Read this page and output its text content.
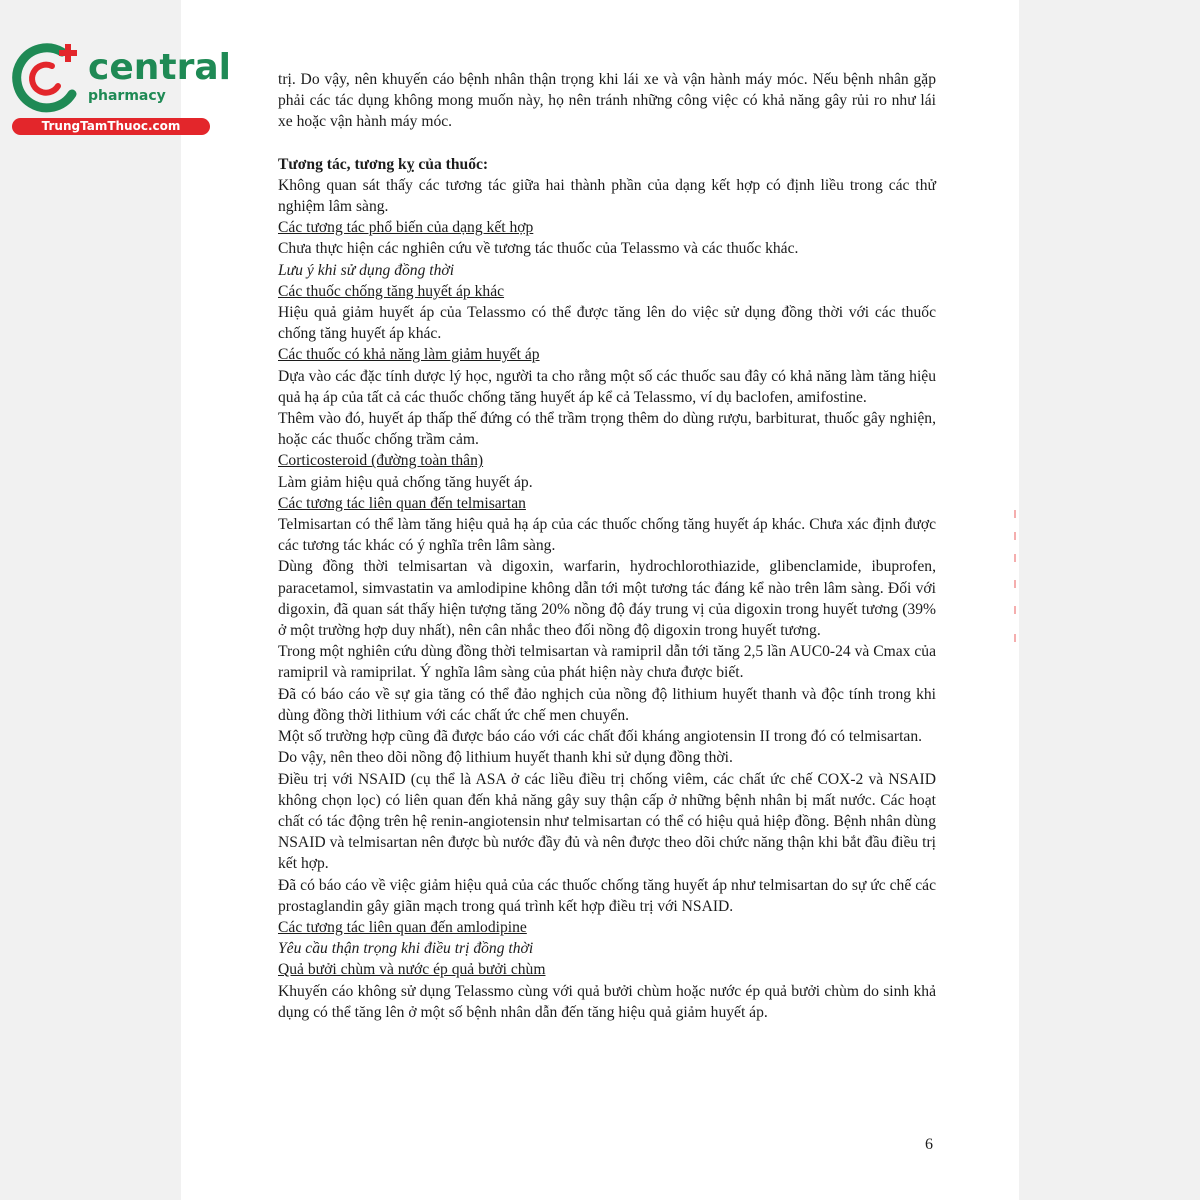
central
pharmacy
TrungTamThuoc.com

trị. Do vậy, nên khuyến cáo bệnh nhân thận trọng khi lái xe và vận hành máy móc. Nếu bệnh nhân gặp phải các tác dụng không mong muốn này, họ nên tránh những công việc có khả năng gây rủi ro như lái xe hoặc vận hành máy móc.

Tương tác, tương kỵ của thuốc:

Không quan sát thấy các tương tác giữa hai thành phần của dạng kết hợp có định liều trong các thử nghiệm lâm sàng.

Các tương tác phổ biến của dạng kết hợp

Chưa thực hiện các nghiên cứu về tương tác thuốc của Telassmo và các thuốc khác.

Lưu ý khi sử dụng đồng thời

Các thuốc chống tăng huyết áp khác

Hiệu quả giảm huyết áp của Telassmo có thể được tăng lên do việc sử dụng đồng thời với các thuốc chống tăng huyết áp khác.

Các thuốc có khả năng làm giảm huyết áp

Dựa vào các đặc tính dược lý học, người ta cho rằng một số các thuốc sau đây có khả năng làm tăng hiệu quả hạ áp của tất cả các thuốc chống tăng huyết áp kể cả Telassmo, ví dụ baclofen, amifostine.

Thêm vào đó, huyết áp thấp thế đứng có thể trầm trọng thêm do dùng rượu, barbiturat, thuốc gây nghiện, hoặc các thuốc chống trầm cảm.

Corticosteroid (đường toàn thân)

Làm giảm hiệu quả chống tăng huyết áp.

Các tương tác liên quan đến telmisartan

Telmisartan có thể làm tăng hiệu quả hạ áp của các thuốc chống tăng huyết áp khác. Chưa xác định được các tương tác khác có ý nghĩa trên lâm sàng.

Dùng đồng thời telmisartan và digoxin, warfarin, hydrochlorothiazide, glibenclamide, ibuprofen, paracetamol, simvastatin va amlodipine không dẫn tới một tương tác đáng kể nào trên lâm sàng. Đối với digoxin, đã quan sát thấy hiện tượng tăng 20% nồng độ đáy trung vị của digoxin trong huyết tương (39% ở một trường hợp duy nhất), nên cân nhắc theo đối nồng độ digoxin trong huyết tương.

Trong một nghiên cứu dùng đồng thời telmisartan và ramipril dẫn tới tăng 2,5 lần AUC0-24 và Cmax của ramipril và ramiprilat. Ý nghĩa lâm sàng của phát hiện này chưa được biết.

Đã có báo cáo về sự gia tăng có thể đảo nghịch của nồng độ lithium huyết thanh và độc tính trong khi dùng đồng thời lithium với các chất ức chế men chuyển.

Một số trường hợp cũng đã được báo cáo với các chất đối kháng angiotensin II trong đó có telmisartan.

Do vậy, nên theo dõi nồng độ lithium huyết thanh khi sử dụng đồng thời.

Điều trị với NSAID (cụ thể là ASA ở các liều điều trị chống viêm, các chất ức chế COX-2 và NSAID không chọn lọc) có liên quan đến khả năng gây suy thận cấp ở những bệnh nhân bị mất nước. Các hoạt chất có tác động trên hệ renin-angiotensin như telmisartan có thể có hiệu quả hiệp đồng. Bệnh nhân dùng NSAID và telmisartan nên được bù nước đầy đủ và nên được theo dõi chức năng thận khi bắt đầu điều trị kết hợp.

Đã có báo cáo về việc giảm hiệu quả của các thuốc chống tăng huyết áp như telmisartan do sự ức chế các prostaglandin gây giãn mạch trong quá trình kết hợp điều trị với NSAID.

Các tương tác liên quan đến amlodipine

Yêu cầu thận trọng khi điều trị đồng thời

Quả bưởi chùm và nước ép quả bưởi chùm

Khuyến cáo không sử dụng Telassmo cùng với quả bưởi chùm hoặc nước ép quả bưởi chùm do sinh khả dụng có thể tăng lên ở một số bệnh nhân dẫn đến tăng hiệu quả giảm huyết áp.

6
